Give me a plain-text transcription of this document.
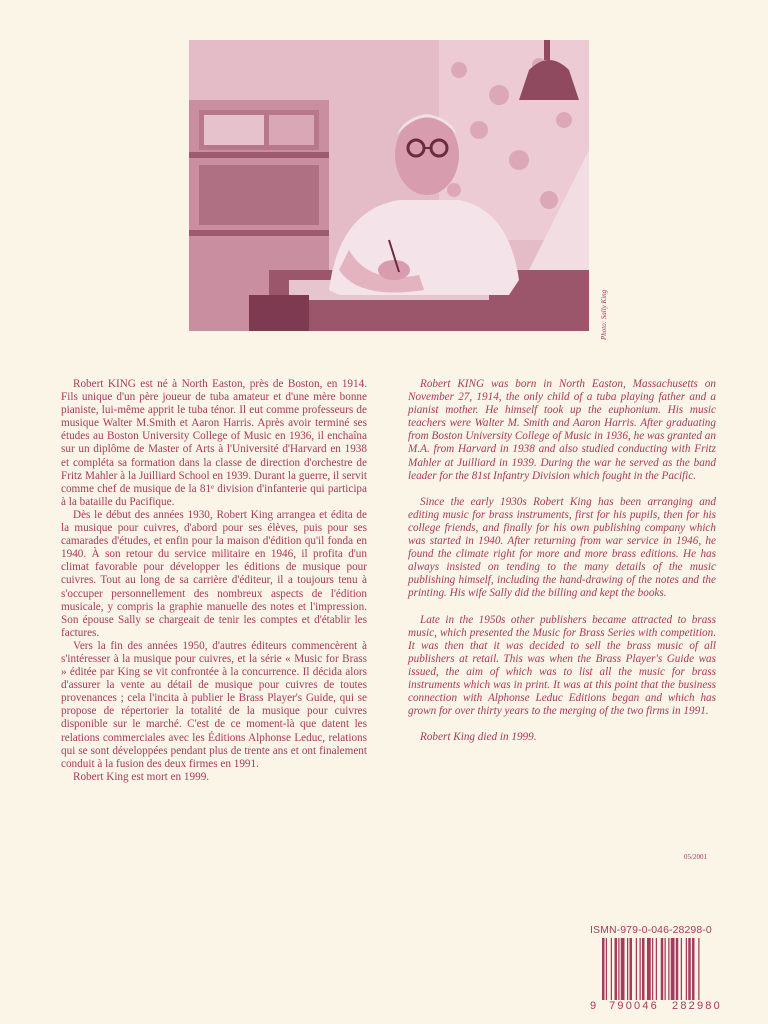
Photo: Sally King

Robert KING est né à North Easton, près de Boston, en 1914. Fils unique d'un père joueur de tuba amateur et d'une mère bonne pianiste, lui-même apprit le tuba ténor. Il eut comme professeurs de musique Walter M.Smith et Aaron Harris. Après avoir terminé ses études au Boston University College of Music en 1936, il enchaîna sur un diplôme de Master of Arts à l'Université d'Harvard en 1938 et compléta sa formation dans la classe de direction d'orchestre de Fritz Mahler à la Juilliard School en 1939. Durant la guerre, il servit comme chef de musique de la 81ᵉ division d'infanterie qui participa à la bataille du Pacifique.

Dès le début des années 1930, Robert King arrangea et édita de la musique pour cuivres, d'abord pour ses élèves, puis pour ses camarades d'études, et enfin pour la maison d'édition qu'il fonda en 1940. À son retour du service militaire en 1946, il profita d'un climat favorable pour développer les éditions de musique pour cuivres. Tout au long de sa carrière d'éditeur, il a toujours tenu à s'occuper personnellement des nombreux aspects de l'édition musicale, y compris la graphie manuelle des notes et l'impression. Son épouse Sally se chargeait de tenir les comptes et d'établir les factures.

Vers la fin des années 1950, d'autres éditeurs commencèrent à s'intéresser à la musique pour cuivres, et la série « Music for Brass » éditée par King se vit confrontée à la concurrence. Il décida alors d'assurer la vente au détail de musique pour cuivres de toutes provenances ; cela l'incita à publier le Brass Player's Guide, qui se propose de répertorier la totalité de la musique pour cuivres disponible sur le marché. C'est de ce moment-là que datent les relations commerciales avec les Éditions Alphonse Leduc, relations qui se sont développées pendant plus de trente ans et ont finalement conduit à la fusion des deux firmes en 1991.

Robert King est mort en 1999.

Robert KING was born in North Easton, Massachusetts on November 27, 1914, the only child of a tuba playing father and a pianist mother. He himself took up the euphonium. His music teachers were Walter M. Smith and Aaron Harris. After graduating from Boston University College of Music in 1936, he was granted an M.A. from Harvard in 1938 and also studied conducting with Fritz Mahler at Juilliard in 1939. During the war he served as the band leader for the 81st Infantry Division which fought in the Pacific.

Since the early 1930s Robert King has been arranging and editing music for brass instruments, first for his pupils, then for his college friends, and finally for his own publishing company which was started in 1940. After returning from war service in 1946, he found the climate right for more and more brass editions. He has always insisted on tending to the many details of the music publishing himself, including the hand-drawing of the notes and the printing. His wife Sally did the billing and kept the books.

Late in the 1950s other publishers became attracted to brass music, which presented the Music for Brass Series with competition. It was then that it was decided to sell the brass music of all publishers at retail. This was when the Brass Player's Guide was issued, the aim of which was to list all the music for brass instruments which was in print. It was at this point that the business connection with Alphonse Leduc Editions began and which has grown for over thirty years to the merging of the two firms in 1991.

Robert King died in 1999.

05/2001
ISMN-979-0-046-28298-0
9 790046 282980
